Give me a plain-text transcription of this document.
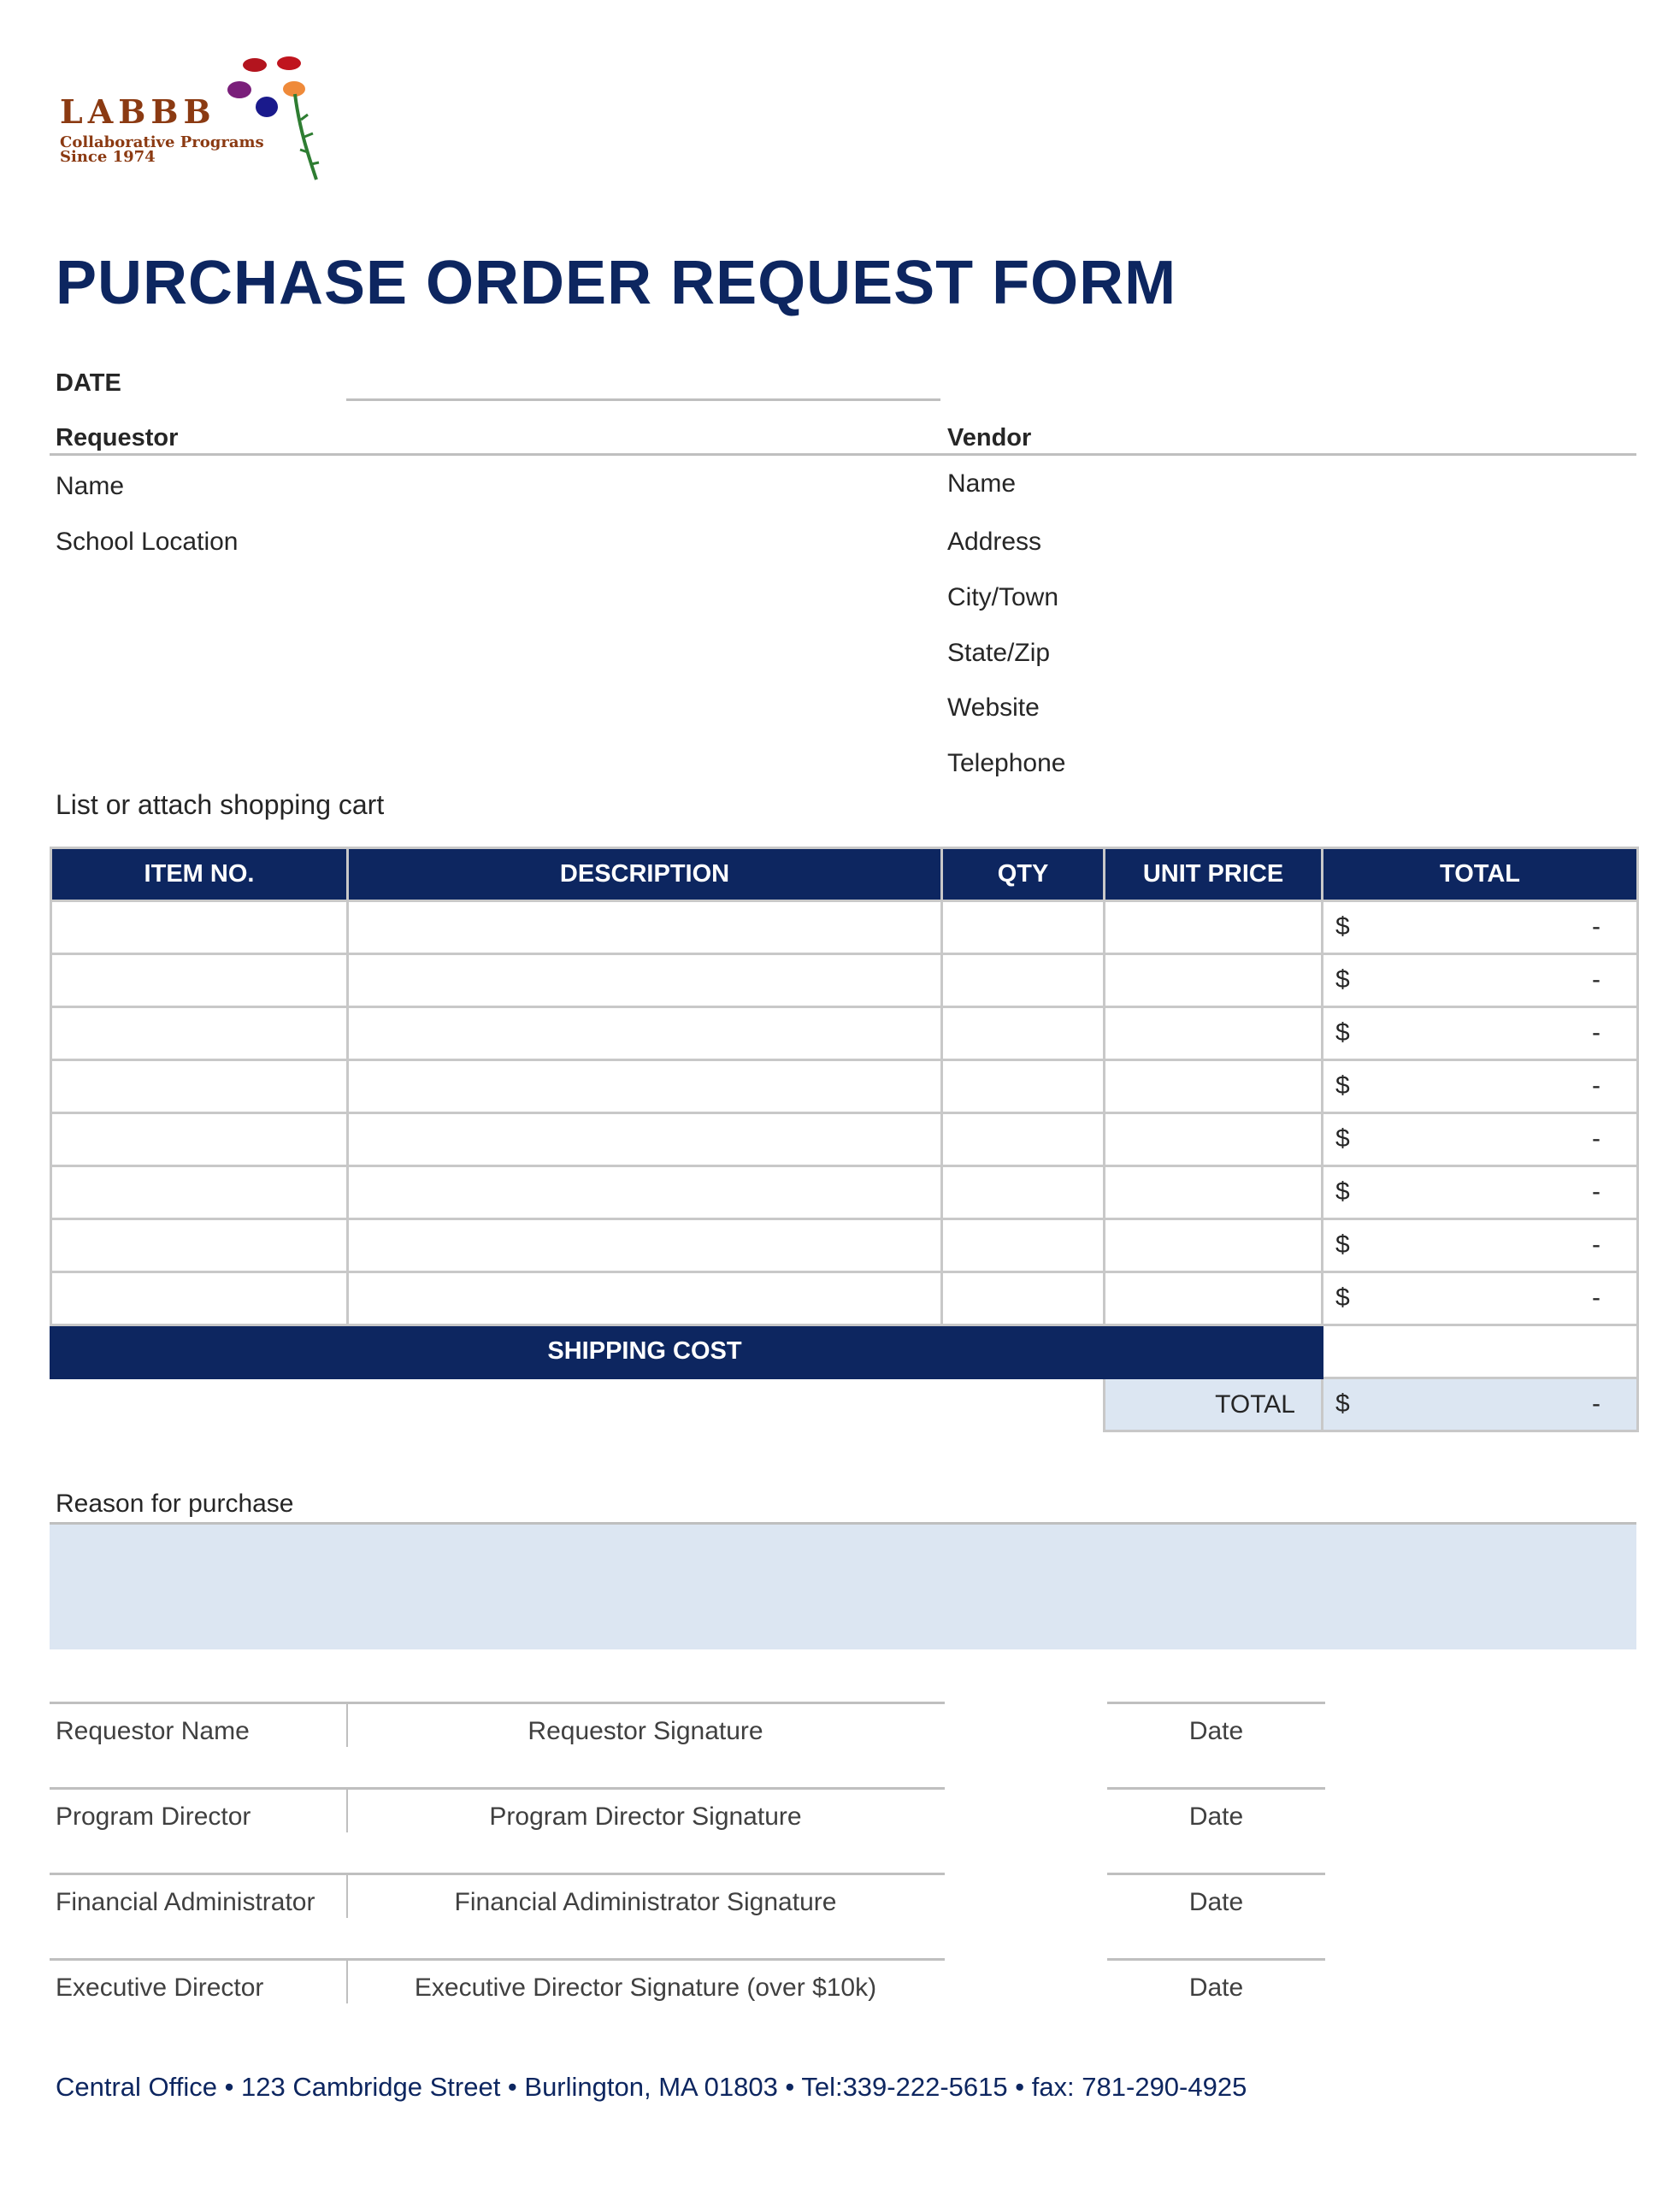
LABBB
Collaborative Programs
Since 1974
PURCHASE ORDER REQUEST FORM
DATE
Requestor	Vendor
Name
School Location
Name
Address
City/Town
State/Zip
Website
Telephone
List or attach shopping cart
ITEM NO.	DESCRIPTION	QTY	UNIT PRICE	TOTAL

				$ -

				$ -

				$ -

				$ -

				$ -

				$ -

				$ -

				$ -

	SHIPPING COST			
			TOTAL	$ -
Reason for purchase
Requestor Name	Requestor Signature	Date
Program Director	Program Director Signature	Date
Financial Administrator	Financial Adiministrator Signature	Date
Executive Director	Executive Director Signature (over $10k)	Date
Central Office • 123 Cambridge Street • Burlington, MA 01803 • Tel:339-222-5615 • fax: 781-290-4925
